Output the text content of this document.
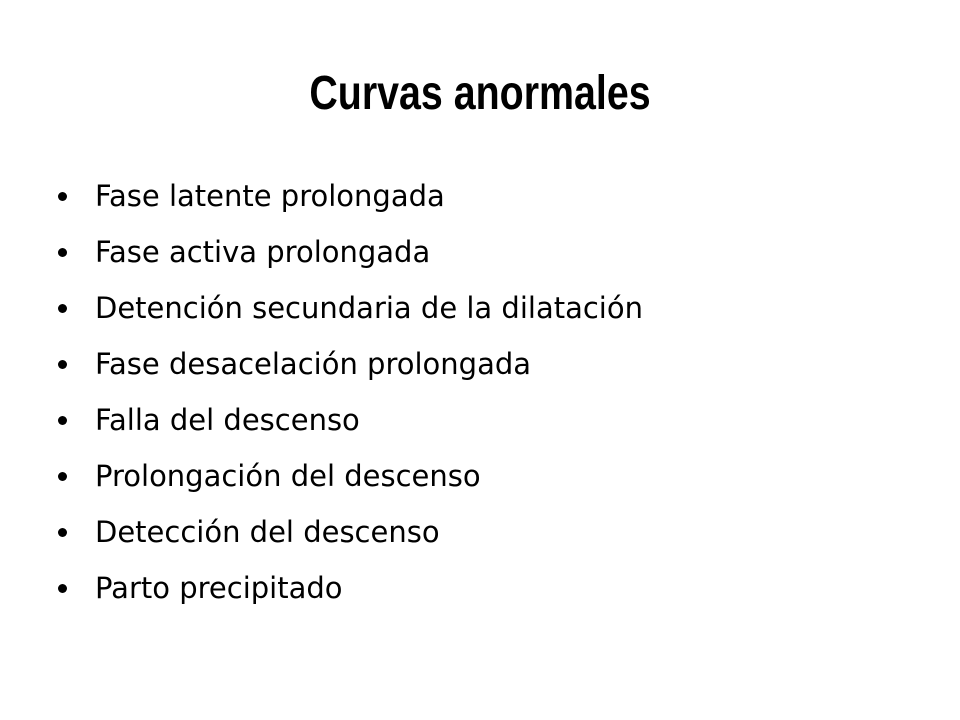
Curvas anormales
Fase latente prolongada
Fase activa prolongada
Detención secundaria de la dilatación
Fase desacelación prolongada
Falla del descenso
Prolongación del descenso
Detección del descenso
Parto precipitado
